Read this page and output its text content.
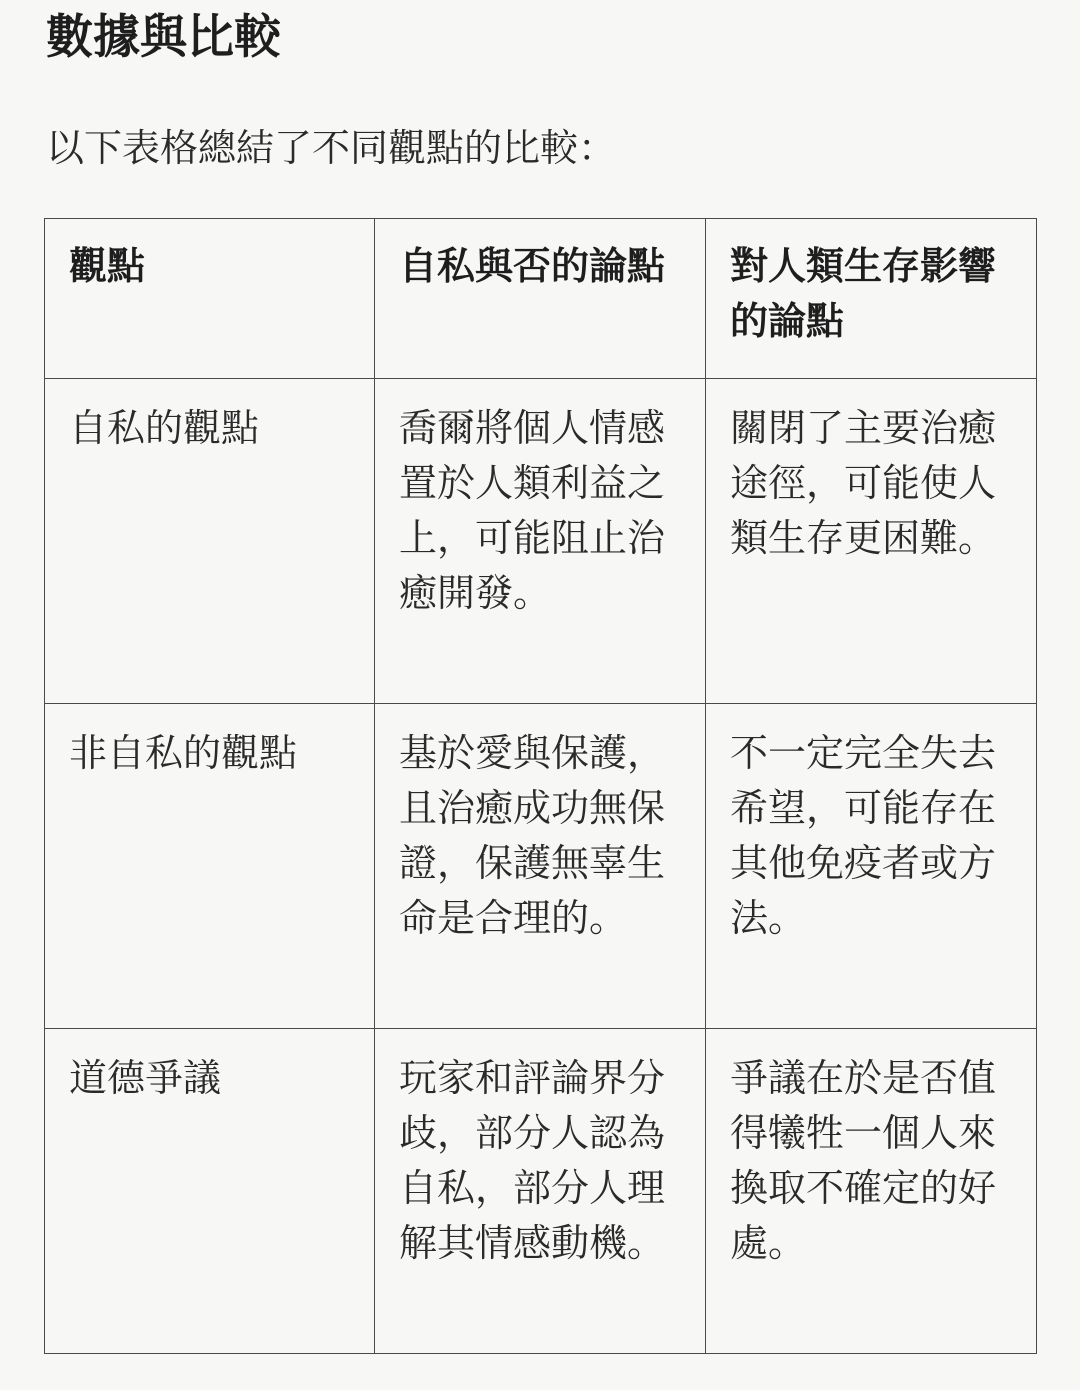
數據與比較

以下表格總結了不同觀點的比較：

觀點	自私與否的論點	對人類生存影響的論點
自私的觀點	喬爾將個人情感置於人類利益之上，可能阻止治癒開發。	關閉了主要治癒途徑，可能使人類生存更困難。
非自私的觀點	基於愛與保護，且治癒成功無保證，保護無辜生命是合理的。	不一定完全失去希望，可能存在其他免疫者或方法。
道德爭議	玩家和評論界分歧，部分人認為自私，部分人理解其情感動機。	爭議在於是否值得犧牲一個人來換取不確定的好處。
